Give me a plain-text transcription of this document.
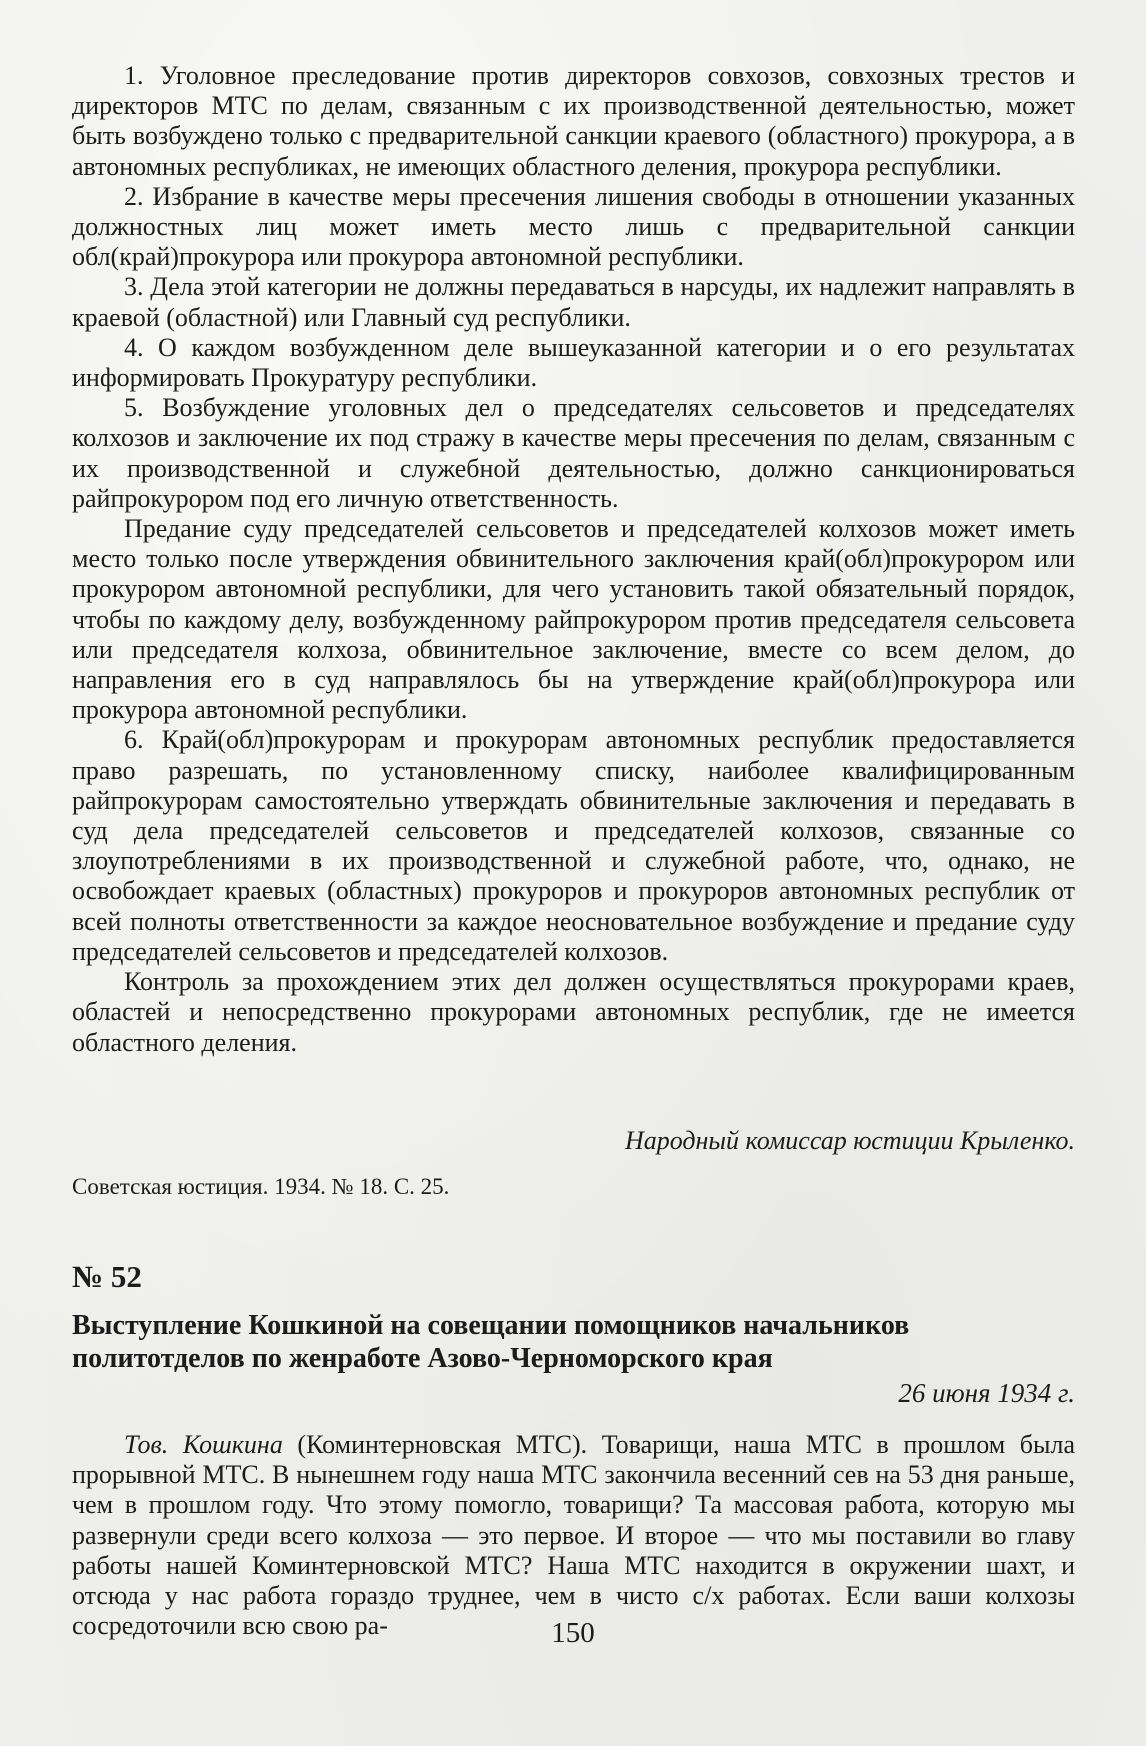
1. Уголовное преследование против директоров совхозов, совхозных трестов и директоров МТС по делам, связанным с их производственной деятельностью, может быть возбуждено только с предварительной санкции краевого (областного) прокурора, а в автономных республиках, не имеющих областного деления, прокурора республики.

2. Избрание в качестве меры пресечения лишения свободы в отношении указанных должностных лиц может иметь место лишь с предварительной санкции обл(край)прокурора или прокурора автономной республики.

3. Дела этой категории не должны передаваться в нарсуды, их надлежит направлять в краевой (областной) или Главный суд республики.

4. О каждом возбужденном деле вышеуказанной категории и о его результатах информировать Прокуратуру республики.

5. Возбуждение уголовных дел о председателях сельсоветов и председателях колхозов и заключение их под стражу в качестве меры пресечения по делам, связанным с их производственной и служебной деятельностью, должно санкционироваться райпрокурором под его личную ответственность.

Предание суду председателей сельсоветов и председателей колхозов может иметь место только после утверждения обвинительного заключения край(обл)прокурором или прокурором автономной республики, для чего установить такой обязательный порядок, чтобы по каждому делу, возбужденному райпрокурором против председателя сельсовета или председателя колхоза, обвинительное заключение, вместе со всем делом, до направления его в суд направлялось бы на утверждение край(обл)прокурора или прокурора автономной республики.

6. Край(обл)прокурорам и прокурорам автономных республик предоставляется право разрешать, по установленному списку, наиболее квалифицированным райпрокурорам самостоятельно утверждать обвинительные заключения и передавать в суд дела председателей сельсоветов и председателей колхозов, связанные со злоупотреблениями в их производственной и служебной работе, что, однако, не освобождает краевых (областных) прокуроров и прокуроров автономных республик от всей полноты ответственности за каждое неосновательное возбуждение и предание суду председателей сельсоветов и председателей колхозов.

Контроль за прохождением этих дел должен осуществляться прокурорами краев, областей и непосредственно прокурорами автономных республик, где не имеется областного деления.

Народный комиссар юстиции Крыленко.

Советская юстиция. 1934. № 18. С. 25.

№ 52

Выступление Кошкиной на совещании помощников начальников политотделов по женработе Азово-Черноморского края

26 июня 1934 г.

Тов. Кошкина (Коминтерновская МТС). Товарищи, наша МТС в прошлом была прорывной МТС. В нынешнем году наша МТС закончила весенний сев на 53 дня раньше, чем в прошлом году. Что этому помогло, товарищи? Та массовая работа, которую мы развернули среди всего колхоза — это первое. И второе — что мы поставили во главу работы нашей Коминтерновской МТС? Наша МТС находится в окружении шахт, и отсюда у нас работа гораздо труднее, чем в чисто с/х работах. Если ваши колхозы сосредоточили всю свою ра-	150
